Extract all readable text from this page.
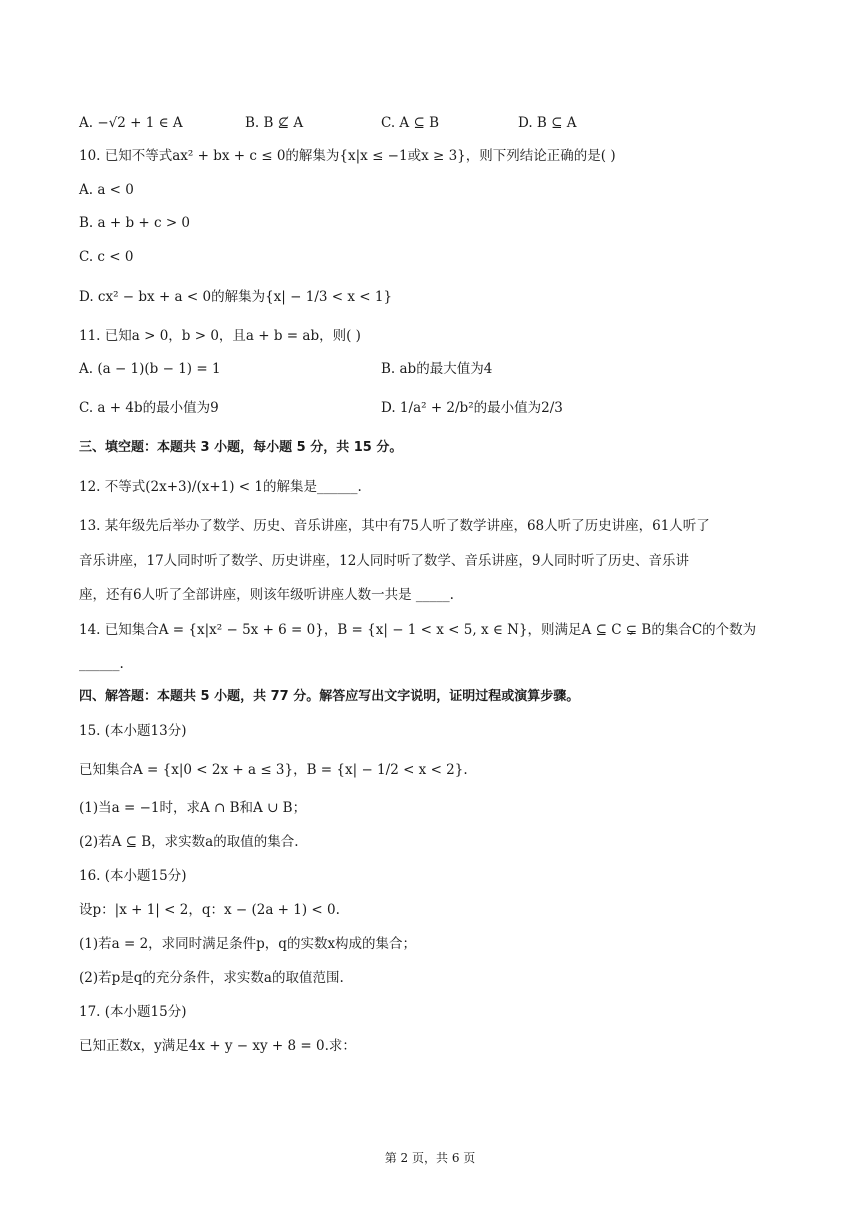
A. −√2 + 1 ∈ A	B. B ⊈ A	C. A ⊆ B	D. B ⊆ A
10. 已知不等式ax² + bx + c ≤ 0的解集为{x|x ≤ −1或x ≥ 3}，则下列结论正确的是( )
A. a < 0
B. a + b + c > 0
C. c < 0
D. cx² − bx + a < 0的解集为{x| − 1/3 < x < 1}
11. 已知a > 0，b > 0，且a + b = ab，则( )
A. (a − 1)(b − 1) = 1	B. ab的最大值为4
C. a + 4b的最小值为9	D. 1/a² + 2/b²的最小值为2/3
三、填空题：本题共 3 小题，每小题 5 分，共 15 分。
12. 不等式(2x+3)/(x+1) < 1的解集是______.
13. 某年级先后举办了数学、历史、音乐讲座，其中有75人听了数学讲座，68人听了历史讲座，61人听了
音乐讲座，17人同时听了数学、历史讲座，12人同时听了数学、音乐讲座，9人同时听了历史、音乐讲
座，还有6人听了全部讲座，则该年级听讲座人数一共是 _____.
14. 已知集合A = {x|x² − 5x + 6 = 0}，B = {x| − 1 < x < 5, x ∈ N}，则满足A ⊆ C ⊊ B的集合C的个数为
______.
四、解答题：本题共 5 小题，共 77 分。解答应写出文字说明，证明过程或演算步骤。
15. (本小题13分)
已知集合A = {x|0 < 2x + a ≤ 3}，B = {x| − 1/2 < x < 2}.
(1)当a = −1时，求A ∩ B和A ∪ B；
(2)若A ⊆ B，求实数a的取值的集合.
16. (本小题15分)
设p：|x + 1| < 2，q：x − (2a + 1) < 0.
(1)若a = 2，求同时满足条件p，q的实数x构成的集合；
(2)若p是q的充分条件，求实数a的取值范围.
17. (本小题15分)
已知正数x，y满足4x + y − xy + 8 = 0.求：
第 2 页，共 6 页
